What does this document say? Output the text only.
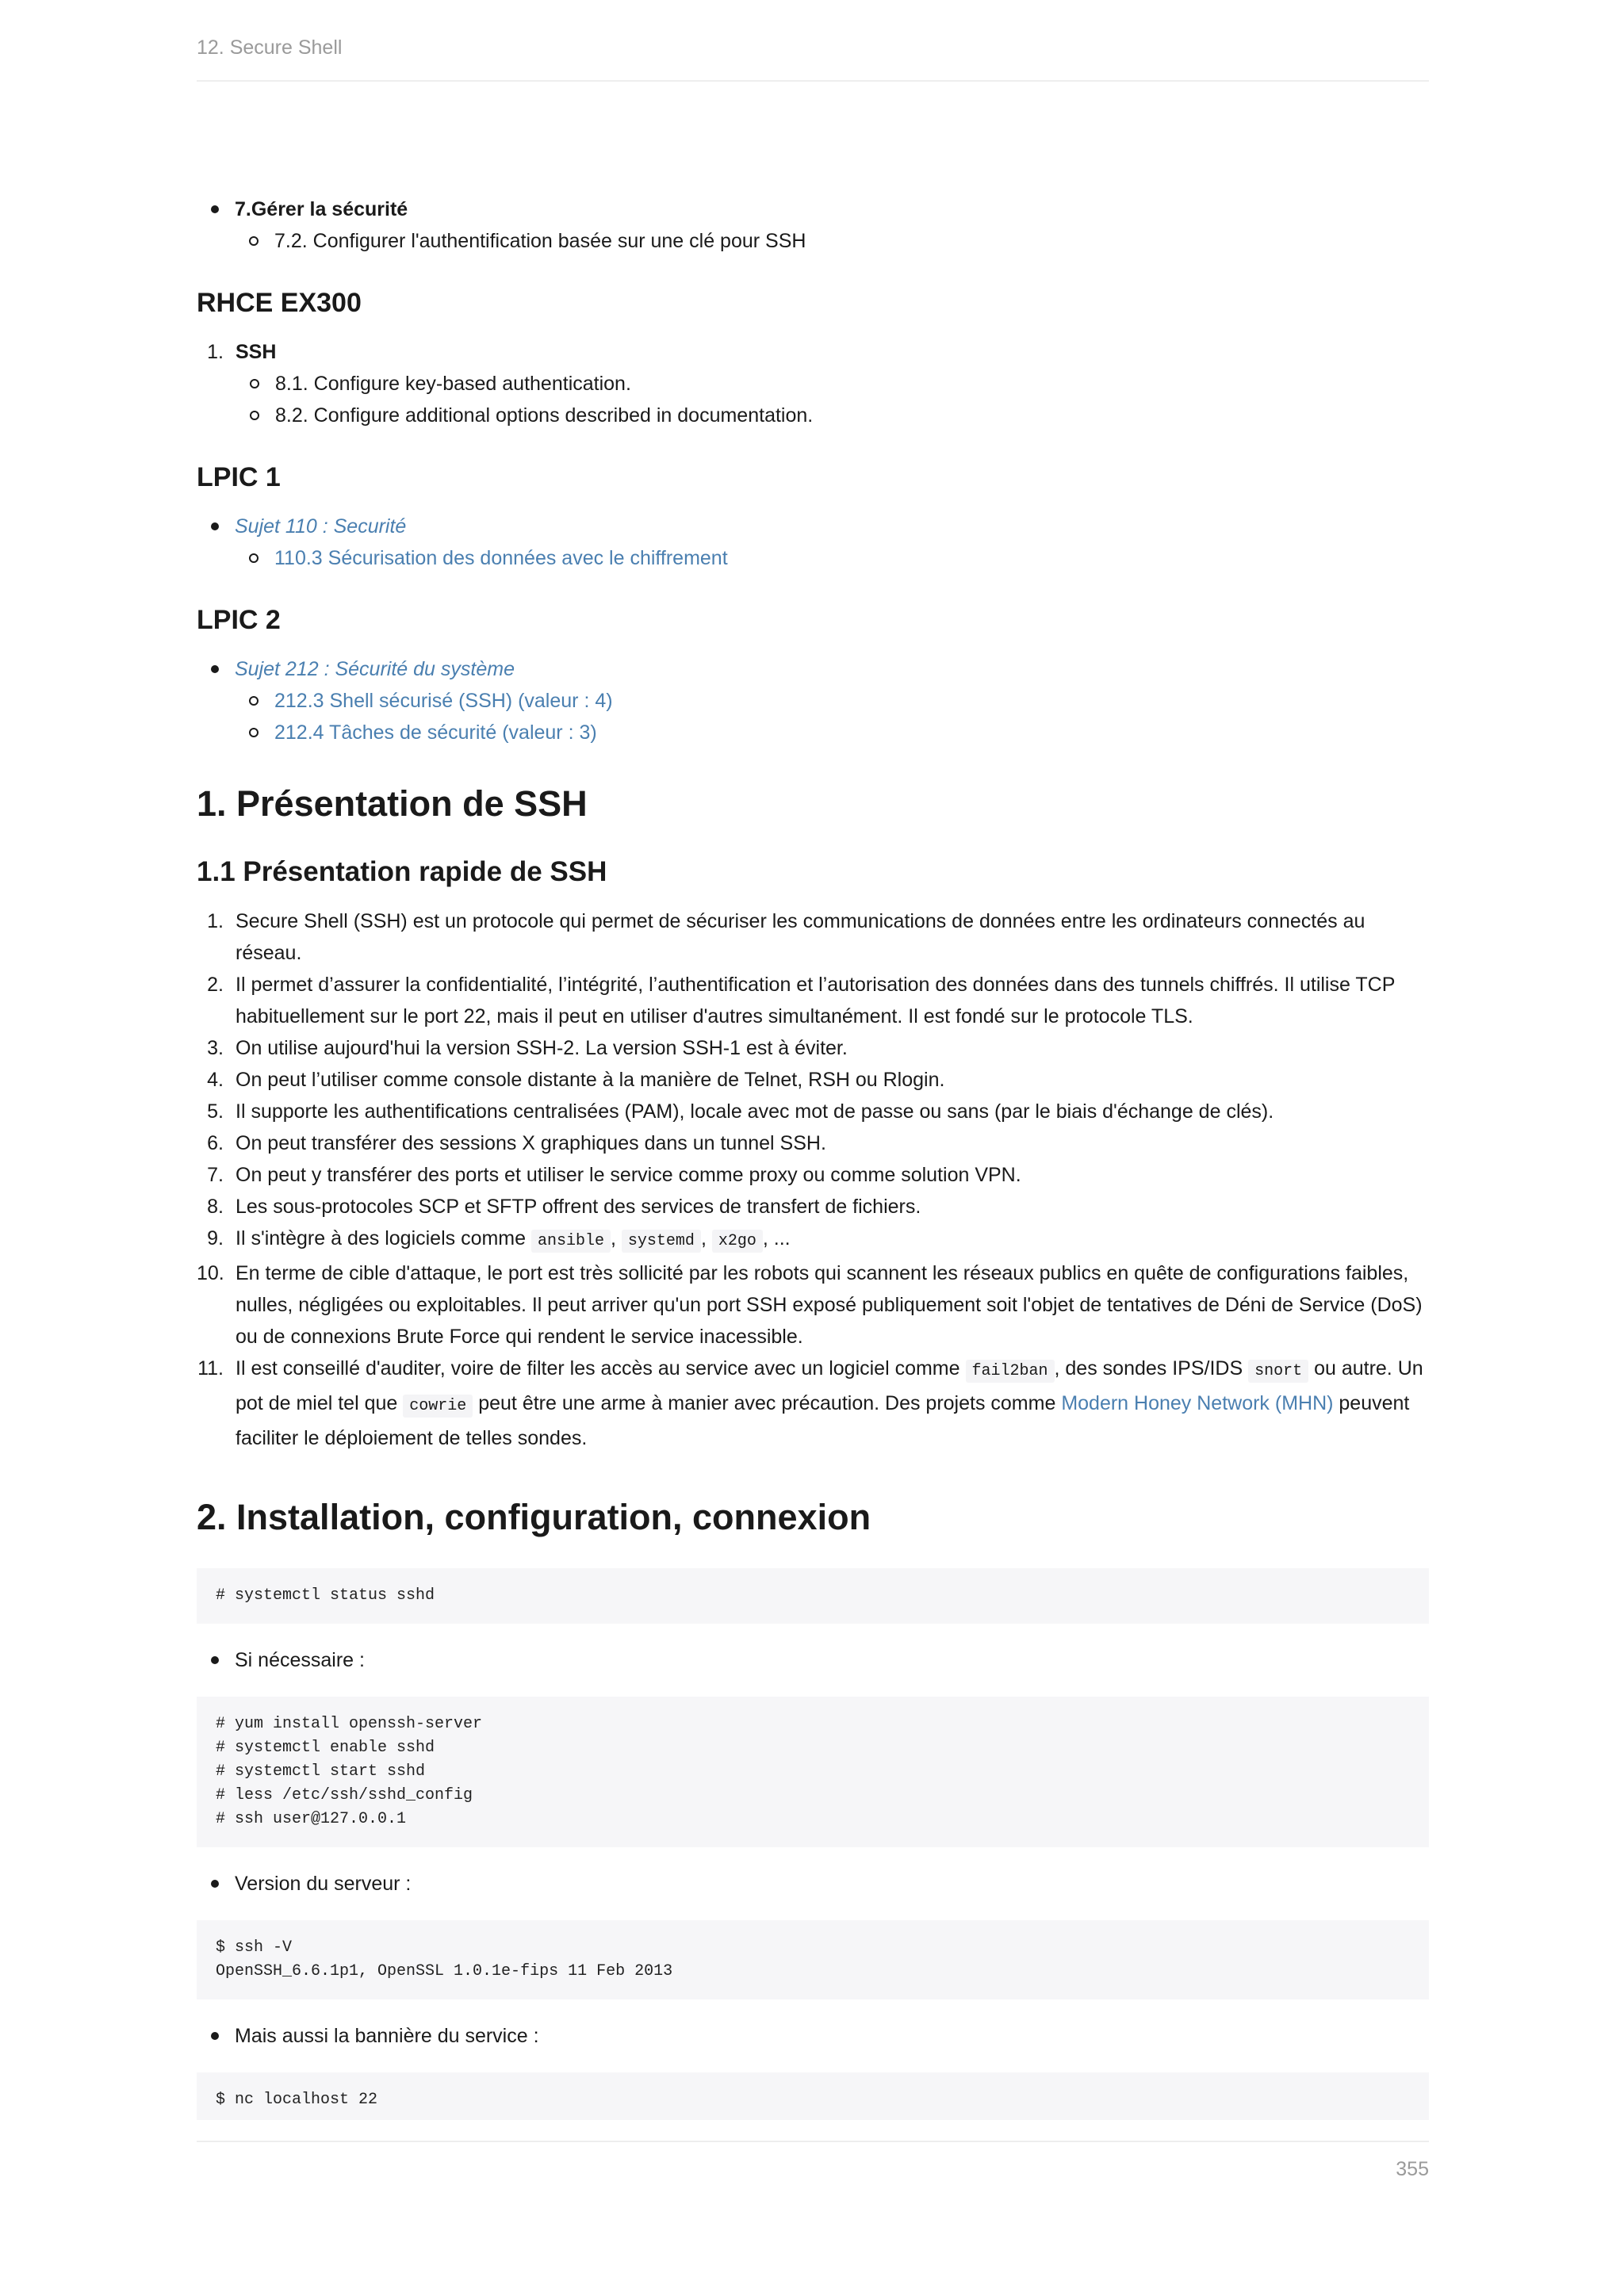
12. Secure Shell
7.Gérer la sécurité
7.2. Configurer l'authentification basée sur une clé pour SSH
RHCE EX300
1. SSH
8.1. Configure key-based authentication.
8.2. Configure additional options described in documentation.
LPIC 1
Sujet 110 : Securité
110.3 Sécurisation des données avec le chiffrement
LPIC 2
Sujet 212 : Sécurité du système
212.3 Shell sécurisé (SSH) (valeur : 4)
212.4 Tâches de sécurité (valeur : 3)
1. Présentation de SSH
1.1 Présentation rapide de SSH
1. Secure Shell (SSH) est un protocole qui permet de sécuriser les communications de données entre les ordinateurs connectés au réseau.
2. Il permet d’assurer la confidentialité, l’intégrité, l’authentification et l’autorisation des données dans des tunnels chiffrés. Il utilise TCP habituellement sur le port 22, mais il peut en utiliser d'autres simultanément. Il est fondé sur le protocole TLS.
3. On utilise aujourd'hui la version SSH-2. La version SSH-1 est à éviter.
4. On peut l’utiliser comme console distante à la manière de Telnet, RSH ou Rlogin.
5. Il supporte les authentifications centralisées (PAM), locale avec mot de passe ou sans (par le biais d'échange de clés).
6. On peut transférer des sessions X graphiques dans un tunnel SSH.
7. On peut y transférer des ports et utiliser le service comme proxy ou comme solution VPN.
8. Les sous-protocoles SCP et SFTP offrent des services de transfert de fichiers.
9. Il s'intègre à des logiciels comme ansible , systemd , x2go , ...
10. En terme de cible d'attaque, le port est très sollicité par les robots qui scannent les réseaux publics en quête de configurations faibles, nulles, négligées ou exploitables. Il peut arriver qu'un port SSH exposé publiquement soit l'objet de tentatives de Déni de Service (DoS) ou de connexions Brute Force qui rendent le service inacessible.
11. Il est conseillé d'auditer, voire de filter les accès au service avec un logiciel comme fail2ban , des sondes IPS/IDS snort ou autre. Un pot de miel tel que cowrie peut être une arme à manier avec précaution. Des projets comme Modern Honey Network (MHN) peuvent faciliter le déploiement de telles sondes.
2. Installation, configuration, connexion
# systemctl status sshd
Si nécessaire :
# yum install openssh-server
# systemctl enable sshd
# systemctl start sshd
# less /etc/ssh/sshd_config
# ssh user@127.0.0.1
Version du serveur :
$ ssh -V
OpenSSH_6.6.1p1, OpenSSL 1.0.1e-fips 11 Feb 2013
Mais aussi la bannière du service :
$ nc localhost 22
355
